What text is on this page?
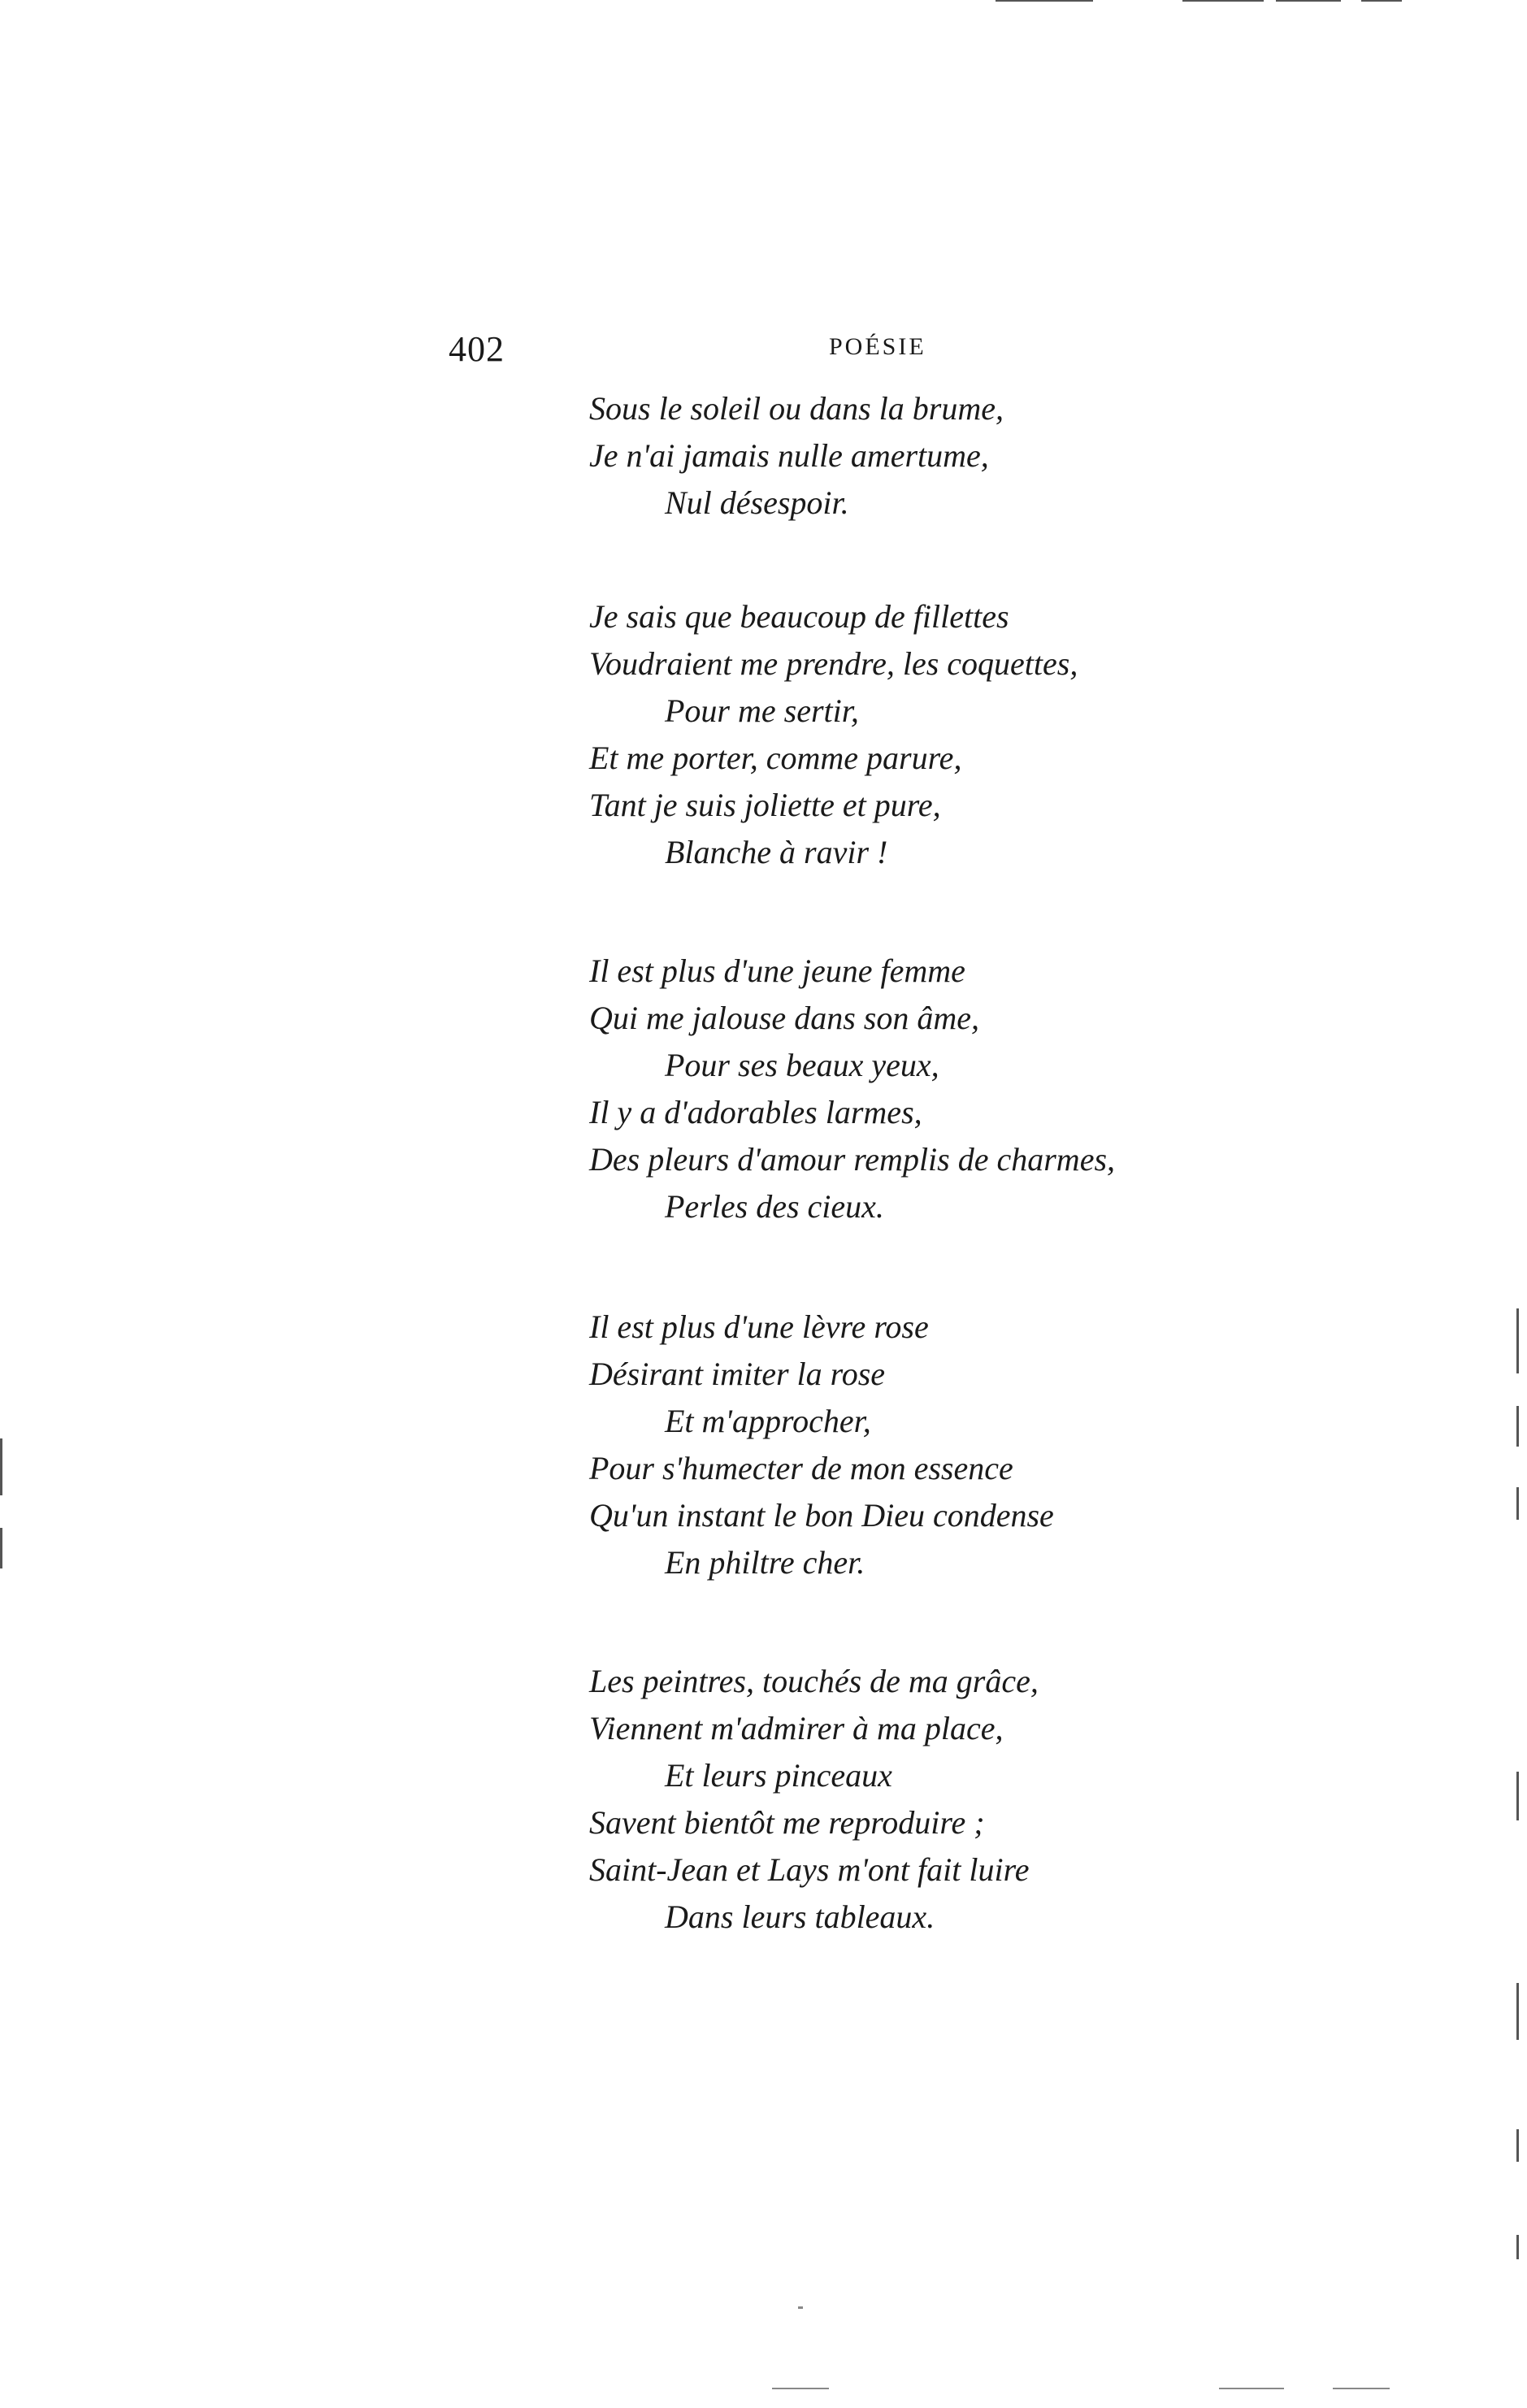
402	POÉSIE
Sous le soleil ou dans la brume,
Je n'ai jamais nulle amertume,
Nul désespoir.
Je sais que beaucoup de fillettes
Voudraient me prendre, les coquettes,
Pour me sertir,
Et me porter, comme parure,
Tant je suis joliette et pure,
Blanche à ravir !
Il est plus d'une jeune femme
Qui me jalouse dans son âme,
Pour ses beaux yeux,
Il y a d'adorables larmes,
Des pleurs d'amour remplis de charmes,
Perles des cieux.
Il est plus d'une lèvre rose
Désirant imiter la rose
Et m'approcher,
Pour s'humecter de mon essence
Qu'un instant le bon Dieu condense
En philtre cher.
Les peintres, touchés de ma grâce,
Viennent m'admirer à ma place,
Et leurs pinceaux
Savent bientôt me reproduire ;
Saint-Jean et Lays m'ont fait luire
Dans leurs tableaux.
